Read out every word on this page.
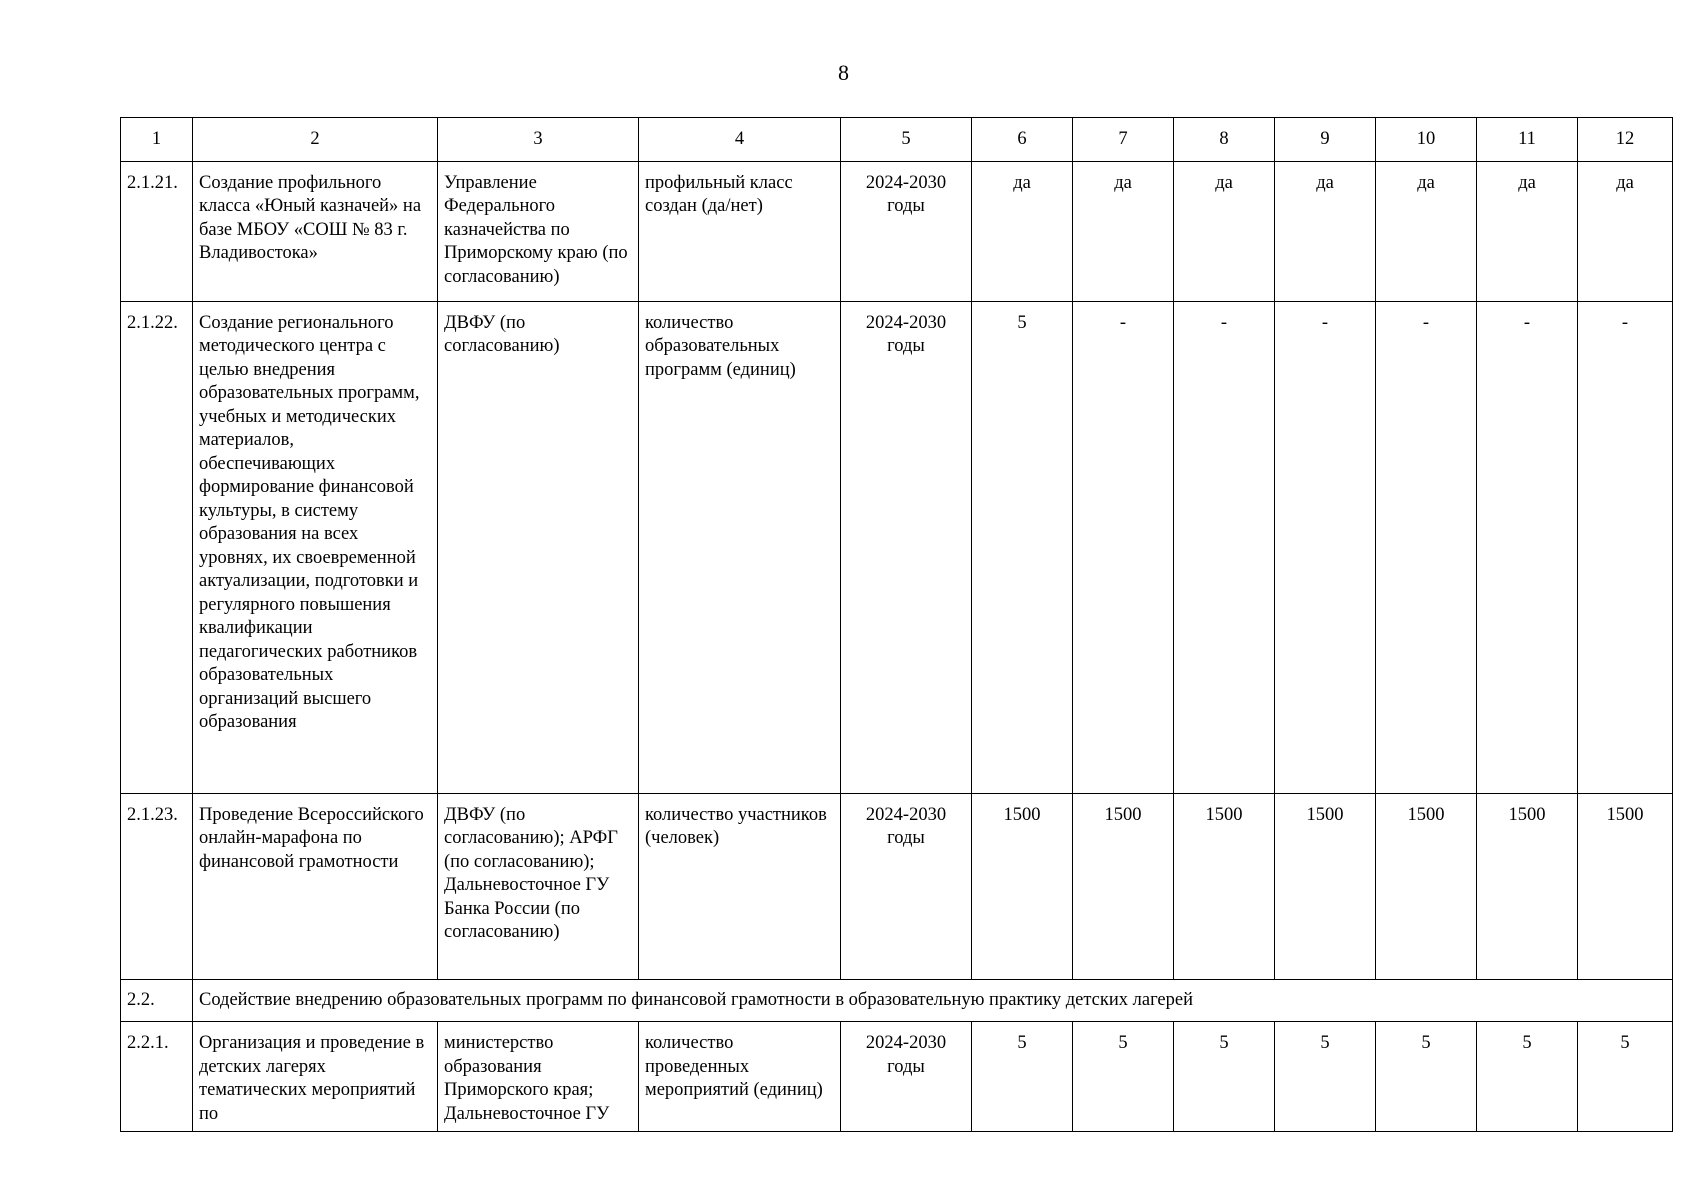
8
1	2	3	4	5	6	7	8	9	10	11	12
2.1.21.	Создание профильного класса «Юный казначей» на базе МБОУ «СОШ № 83 г. Владивостока»	Управление Федерального казначейства по Приморскому краю (по согласованию)	профильный класс создан (да/нет)	2024-2030 годы	да	да	да	да	да	да	да
2.1.22.	Создание регионального методического центра с целью внедрения образовательных программ, учебных и методических материалов, обеспечивающих формирование финансовой культуры, в систему образования на всех уровнях, их своевременной актуализации, подготовки и регулярного повышения квалификации педагогических работников образовательных организаций высшего образования	ДВФУ (по согласованию)	количество образовательных программ (единиц)	2024-2030 годы	5	-	-	-	-	-	-
2.1.23.	Проведение Всероссийского онлайн-марафона по финансовой грамотности	ДВФУ (по согласованию); АРФГ (по согласованию); Дальневосточное ГУ Банка России (по согласованию)	количество участников (человек)	2024-2030 годы	1500	1500	1500	1500	1500	1500	1500
2.2.	Содействие внедрению образовательных программ по финансовой грамотности в образовательную практику детских лагерей										
2.2.1.	Организация и проведение в детских лагерях тематических мероприятий по	министерство образования Приморского края; Дальневосточное ГУ	количество проведенных мероприятий (единиц)	2024-2030 годы	5	5	5	5	5	5	5
